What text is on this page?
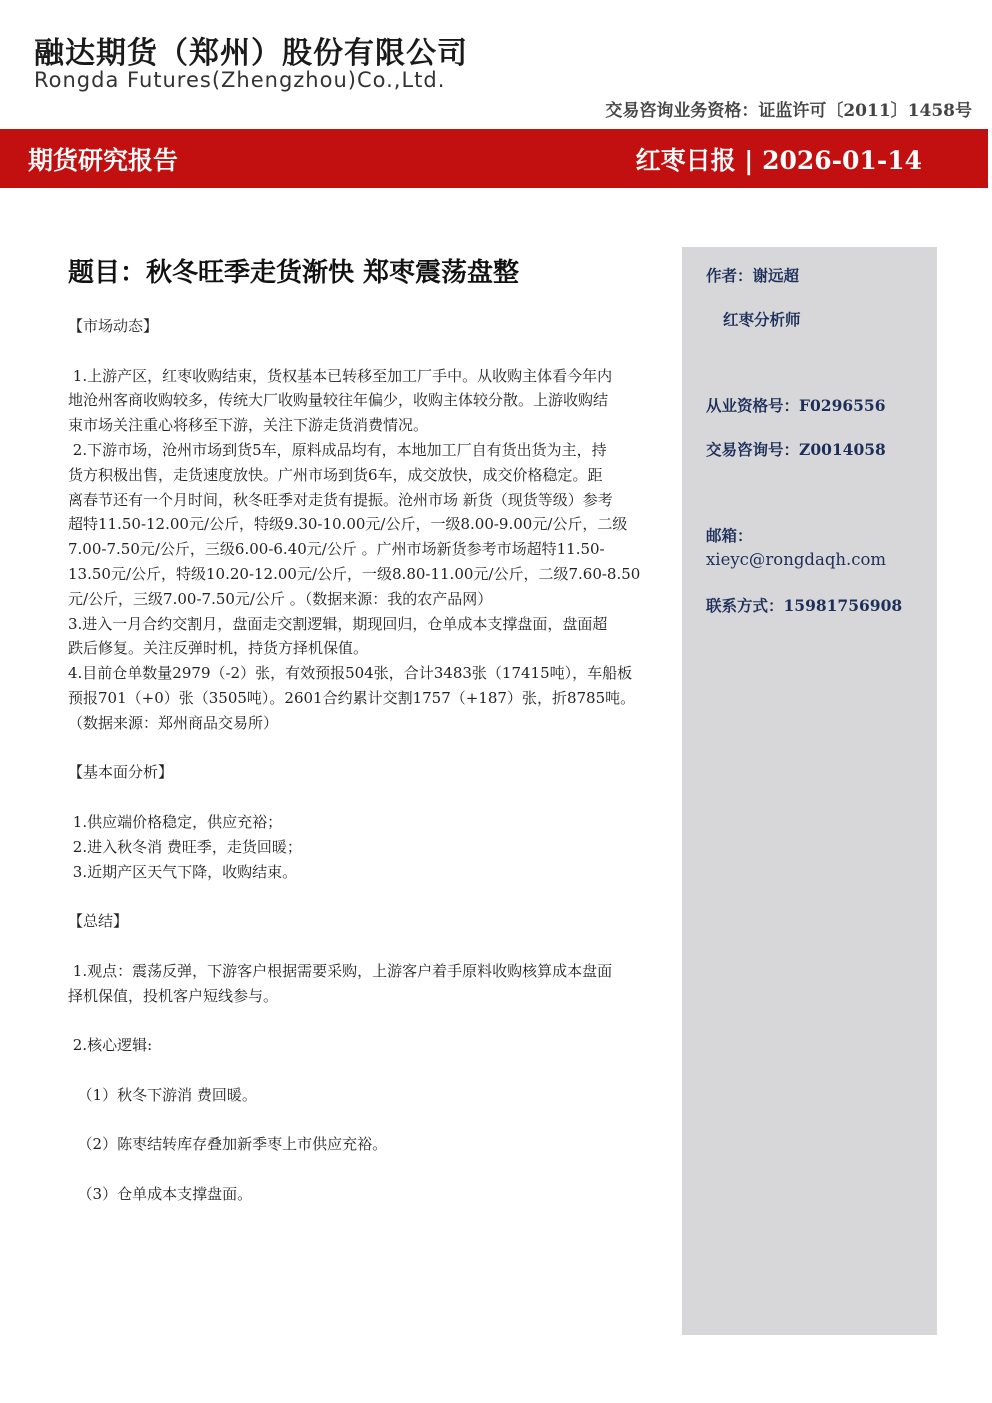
融达期货（郑州）股份有限公司
Rongda Futures(Zhengzhou)Co.,Ltd.
交易咨询业务资格：证监许可〔2011〕1458号
期货研究报告	红枣日报 | 2026-01-14
题目：秋冬旺季走货渐快 郑枣震荡盘整

【市场动态】

1.上游产区，红枣收购结束，货权基本已转移至加工厂手中。从收购主体看今年内

地沧州客商收购较多，传统大厂收购量较往年偏少，收购主体较分散。上游收购结

束市场关注重心将移至下游，关注下游走货消费情况。

2.下游市场，沧州市场到货5车，原料成品均有，本地加工厂自有货出货为主，持

货方积极出售，走货速度放快。广州市场到货6车，成交放快，成交价格稳定。距

离春节还有一个月时间，秋冬旺季对走货有提振。沧州市场 新货（现货等级）参考

超特11.50-12.00元/公斤，特级9.30-10.00元/公斤，一级8.00-9.00元/公斤，二级

7.00-7.50元/公斤，三级6.00-6.40元/公斤 。广州市场新货参考市场超特11.50-

13.50元/公斤，特级10.20-12.00元/公斤，一级8.80-11.00元/公斤，二级7.60-8.50

元/公斤，三级7.00-7.50元/公斤 。（数据来源：我的农产品网）

3.进入一月合约交割月，盘面走交割逻辑，期现回归，仓单成本支撑盘面，盘面超

跌后修复。关注反弹时机，持货方择机保值。

4.目前仓单数量2979（-2）张，有效预报504张，合计3483张（17415吨），车船板

预报701（+0）张（3505吨）。2601合约累计交割1757（+187）张，折8785吨。

（数据来源：郑州商品交易所）

【基本面分析】

1.供应端价格稳定，供应充裕；

2.进入秋冬消 费旺季，走货回暖；

3.近期产区天气下降，收购结束。

【总结】

1.观点：震荡反弹，下游客户根据需要采购，上游客户着手原料收购核算成本盘面

择机保值，投机客户短线参与。

2.核心逻辑:

（1）秋冬下游消 费回暖。

（2）陈枣结转库存叠加新季枣上市供应充裕。

（3）仓单成本支撑盘面。

作者：谢远超
红枣分析师
从业资格号：F0296556
交易咨询号：Z0014058
邮箱：
xieyc@rongdaqh.com
联系方式：15981756908
